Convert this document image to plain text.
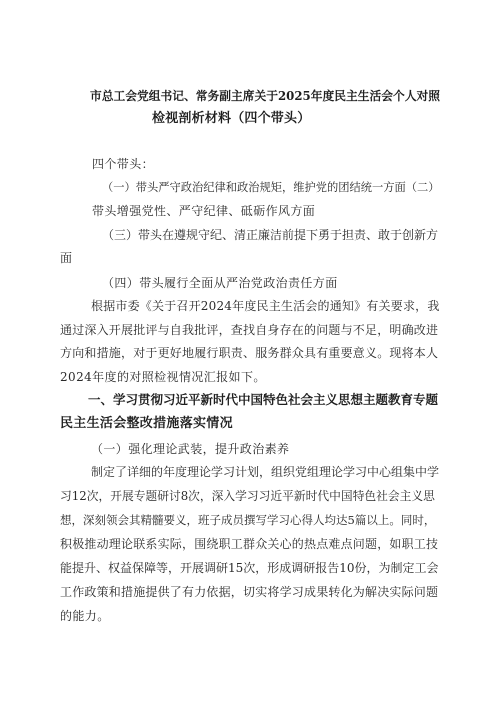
市总工会党组书记、常务副主席关于2025年度民主生活会个人对照
检视剖析材料（四个带头）
四个带头：
（一）带头严守政治纪律和政治规矩，维护党的团结统一方面（二）
带头增强党性、严守纪律、砥砺作风方面
（三）带头在遵规守纪、清正廉洁前提下勇于担责、敢于创新方
面
（四）带头履行全面从严治党政治责任方面
根据市委《关于召开2024年度民主生活会的通知》有关要求，我
通过深入开展批评与自我批评，查找自身存在的问题与不足，明确改进
方向和措施，对于更好地履行职责、服务群众具有重要意义。现将本人
2024年度的对照检视情况汇报如下。
一、学习贯彻习近平新时代中国特色社会主义思想主题教育专题
民主生活会整改措施落实情况
（一）强化理论武装，提升政治素养
制定了详细的年度理论学习计划，组织党组理论学习中心组集中学
习12次，开展专题研讨8次，深入学习习近平新时代中国特色社会主义思
想，深刻领会其精髓要义，班子成员撰写学习心得人均达5篇以上。同时，
积极推动理论联系实际，围绕职工群众关心的热点难点问题，如职工技
能提升、权益保障等，开展调研15次，形成调研报告10份，为制定工会
工作政策和措施提供了有力依据，切实将学习成果转化为解决实际问题
的能力。
